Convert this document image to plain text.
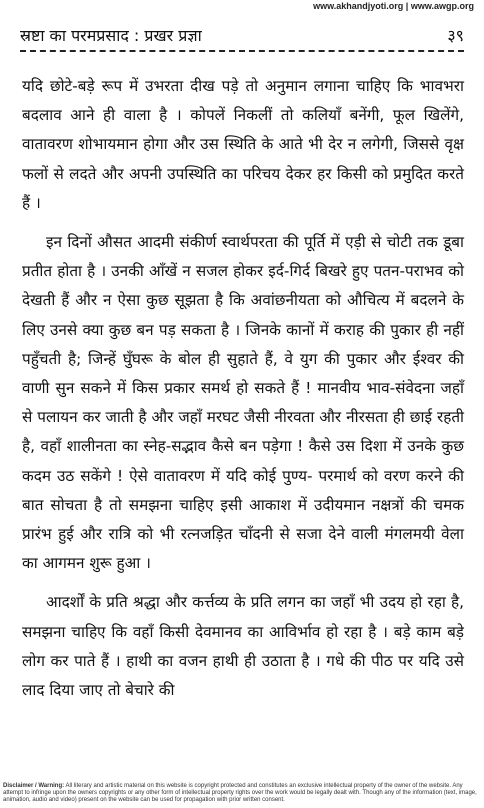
www.akhandjyoti.org | www.awgp.org
स्रष्टा का परमप्रसाद : प्रखर प्रज्ञा	३९

यदि छोटे-बड़े रूप में उभरता दीख पड़े तो अनुमान लगाना चाहिए कि भावभरा बदलाव आने ही वाला है । कोपलें निकलीं तो कलियाँ बनेंगी, फूल खिलेंगे, वातावरण शोभायमान होगा और उस स्थिति के आते भी देर न लगेगी, जिससे वृक्ष फलों से लदते और अपनी उपस्थिति का परिचय देकर हर किसी को प्रमुदित करते हैं ।

इन दिनों औसत आदमी संकीर्ण स्वार्थपरता की पूर्ति में एड़ी से चोटी तक डूबा प्रतीत होता है । उनकी आँखें न सजल होकर इर्द-गिर्द बिखरे हुए पतन-पराभव को देखती हैं और न ऐसा कुछ सूझता है कि अवांछनीयता को औचित्य में बदलने के लिए उनसे क्या कुछ बन पड़ सकता है । जिनके कानों में कराह की पुकार ही नहीं पहुँचती है; जिन्हें घुँघरू के बोल ही सुहाते हैं, वे युग की पुकार और ईश्वर की वाणी सुन सकने में किस प्रकार समर्थ हो सकते हैं ! मानवीय भाव-संवेदना जहाँ से पलायन कर जाती है और जहाँ मरघट जैसी नीरवता और नीरसता ही छाई रहती है, वहाँ शालीनता का स्नेह-सद्भाव कैसे बन पड़ेगा ! कैसे उस दिशा में उनके कुछ कदम उठ सकेंगे ! ऐसे वातावरण में यदि कोई पुण्य- परमार्थ को वरण करने की बात सोचता है तो समझना चाहिए इसी आकाश में उदीयमान नक्षत्रों की चमक प्रारंभ हुई और रात्रि को भी रत्नजड़ित चाँदनी से सजा देने वाली मंगलमयी वेला का आगमन शुरू हुआ ।

आदर्शों के प्रति श्रद्धा और कर्त्तव्य के प्रति लगन का जहाँ भी उदय हो रहा है, समझना चाहिए कि वहाँ किसी देवमानव का आविर्भाव हो रहा है । बड़े काम बड़े लोग कर पाते हैं । हाथी का वजन हाथी ही उठाता है । गधे की पीठ पर यदि उसे लाद दिया जाए तो बेचारे की

Disclaimer / Warning: All literary and artistic material on this website is copyright protected and constitutes an exclusive intellectual property of the owner of the website. Any attempt to infringe upon the owners copyrights or any other form of intellectual property rights over the work would be legally dealt with. Though any of the information (text, image, animation, audio and video) present on the website can be used for propagation with prior written consent.
